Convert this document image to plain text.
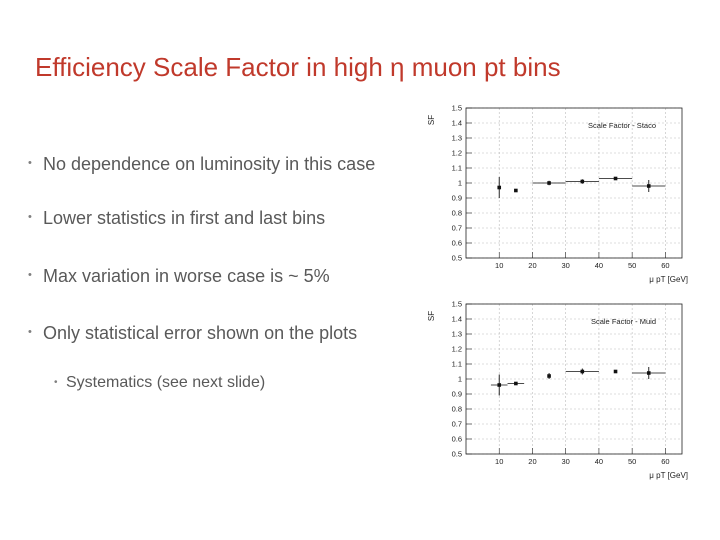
Efficiency Scale Factor in high η muon pt bins
• No dependence on luminosity in this case
• Lower statistics in first and last bins
• Max variation in worse case is ~ 5%
• Only statistical error shown on the plots
• Systematics (see next slide)
0.5
0.6
0.7
0.8
0.9
1
1.1
1.2
1.3
1.4
1.5
10	20	30	40	50	60
SF
μ pT [GeV]
Scale Factor - Staco
0.5
0.6
0.7
0.8
0.9
1
1.1
1.2
1.3
1.4
1.5
10	20	30	40	50	60
SF
μ pT [GeV]
Scale Factor - Muid
